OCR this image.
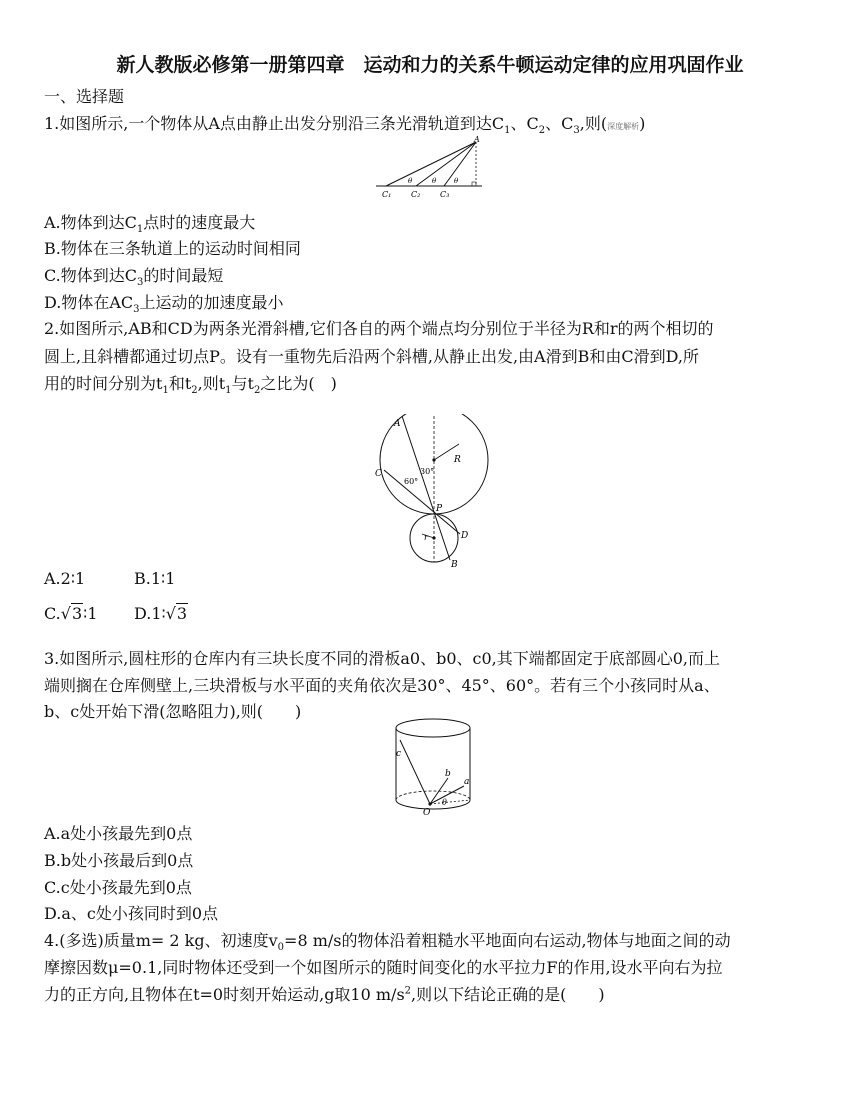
新人教版必修第一册第四章　运动和力的关系牛顿运动定律的应用巩固作业
一、选择题
1.如图所示,一个物体从A点由静止出发分别沿三条光滑轨道到达$C_1$、$C_2$、$C_3$,则(深度解析)
A
θ	θ	θ
C₁ C₂ C₃
A.物体到达$C_1$点时的速度最大
B.物体在三条轨道上的运动时间相同
C.物体到达$C_3$的时间最短
D.物体在$AC_3$上运动的加速度最小
2.如图所示,AB和CD为两条光滑斜槽,它们各自的两个端点均分别位于半径为R和r的两个相切的
圆上,且斜槽都通过切点P。设有一重物先后沿两个斜槽,从静止出发,由A滑到B和由C滑到D,所
用的时间分别为$t_1$和$t_2$,则$t_1$与$t_2$之比为(　)
A
C	30°
60°
R
P
r	D
B
A.2∶1	B.1∶1
C.√3∶1 D.1∶√3
3.如图所示,圆柱形的仓库内有三块长度不同的滑板a0、b0、c0,其下端都固定于底部圆心0,而上
端则搁在仓库侧壁上,三块滑板与水平面的夹角依次是30°、45°、60°。若有三个小孩同时从a、
b、c处开始下滑(忽略阻力),则(　　)
c
b
a
O
θ
A.a处小孩最先到0点
B.b处小孩最后到0点
C.c处小孩最先到0点
D.a、c处小孩同时到0点
4.(多选)质量m= 2 kg、初速度$v_0=8$ m/s的物体沿着粗糙水平地面向右运动,物体与地面之间的动
摩擦因数μ=0.1,同时物体还受到一个如图所示的随时间变化的水平拉力F的作用,设水平向右为拉
力的正方向,且物体在t=0时刻开始运动,g取10 $m/s^2$,则以下结论正确的是(　　)
